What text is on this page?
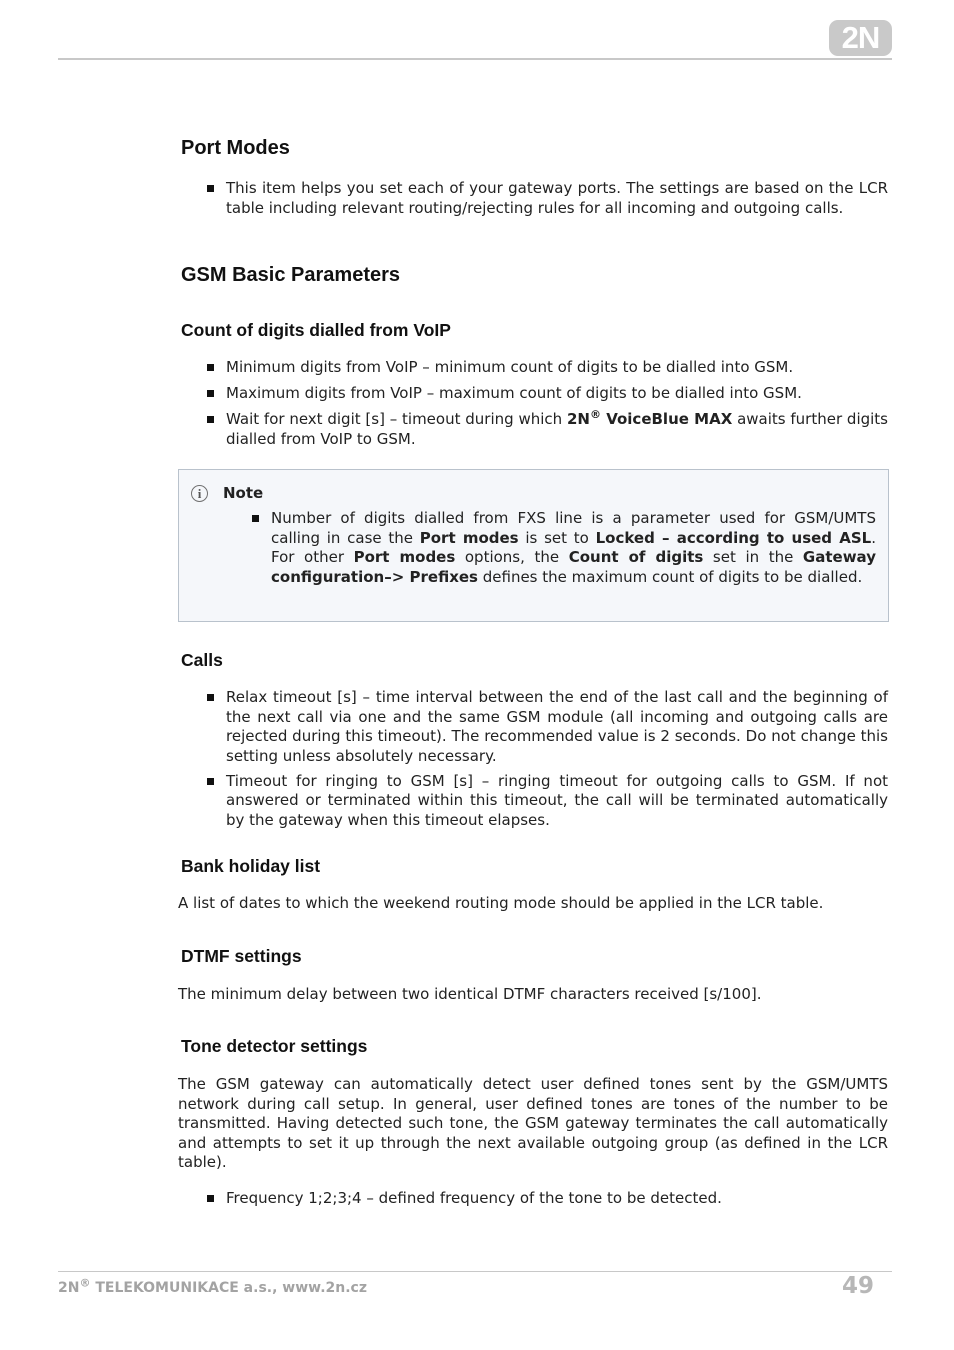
2N
Port Modes
This item helps you set each of your gateway ports. The settings are based on the LCR table including relevant routing/rejecting rules for all incoming and outgoing calls.
GSM Basic Parameters
Count of digits dialled from VoIP
Minimum digits from VoIP – minimum count of digits to be dialled into GSM.
Maximum digits from VoIP – maximum count of digits to be dialled into GSM.
Wait for next digit [s] – timeout during which 2N® VoiceBlue MAX awaits further digits dialled from VoIP to GSM.
i	Note
Number of digits dialled from FXS line is a parameter used for GSM/UMTS calling in case the Port modes is set to Locked – according to used ASL. For other Port modes options, the Count of digits set in the Gateway configuration–> Prefixes defines the maximum count of digits to be dialled.
Calls
Relax timeout [s] – time interval between the end of the last call and the beginning of the next call via one and the same GSM module (all incoming and outgoing calls are rejected during this timeout). The recommended value is 2 seconds. Do not change this setting unless absolutely necessary.
Timeout for ringing to GSM [s] – ringing timeout for outgoing calls to GSM. If not answered or terminated within this timeout, the call will be terminated automatically by the gateway when this timeout elapses.
Bank holiday list

A list of dates to which the weekend routing mode should be applied in the LCR table.

DTMF settings

The minimum delay between two identical DTMF characters received [s/100].

Tone detector settings

The GSM gateway can automatically detect user defined tones sent by the GSM/UMTS network during call setup. In general, user defined tones are tones of the number to be transmitted. Having detected such tone, the GSM gateway terminates the call automatically and attempts to set it up through the next available outgoing group (as defined in the LCR table).

Frequency 1;2;3;4 – defined frequency of the tone to be detected.
2N® TELEKOMUNIKACE a.s., www.2n.cz	49
